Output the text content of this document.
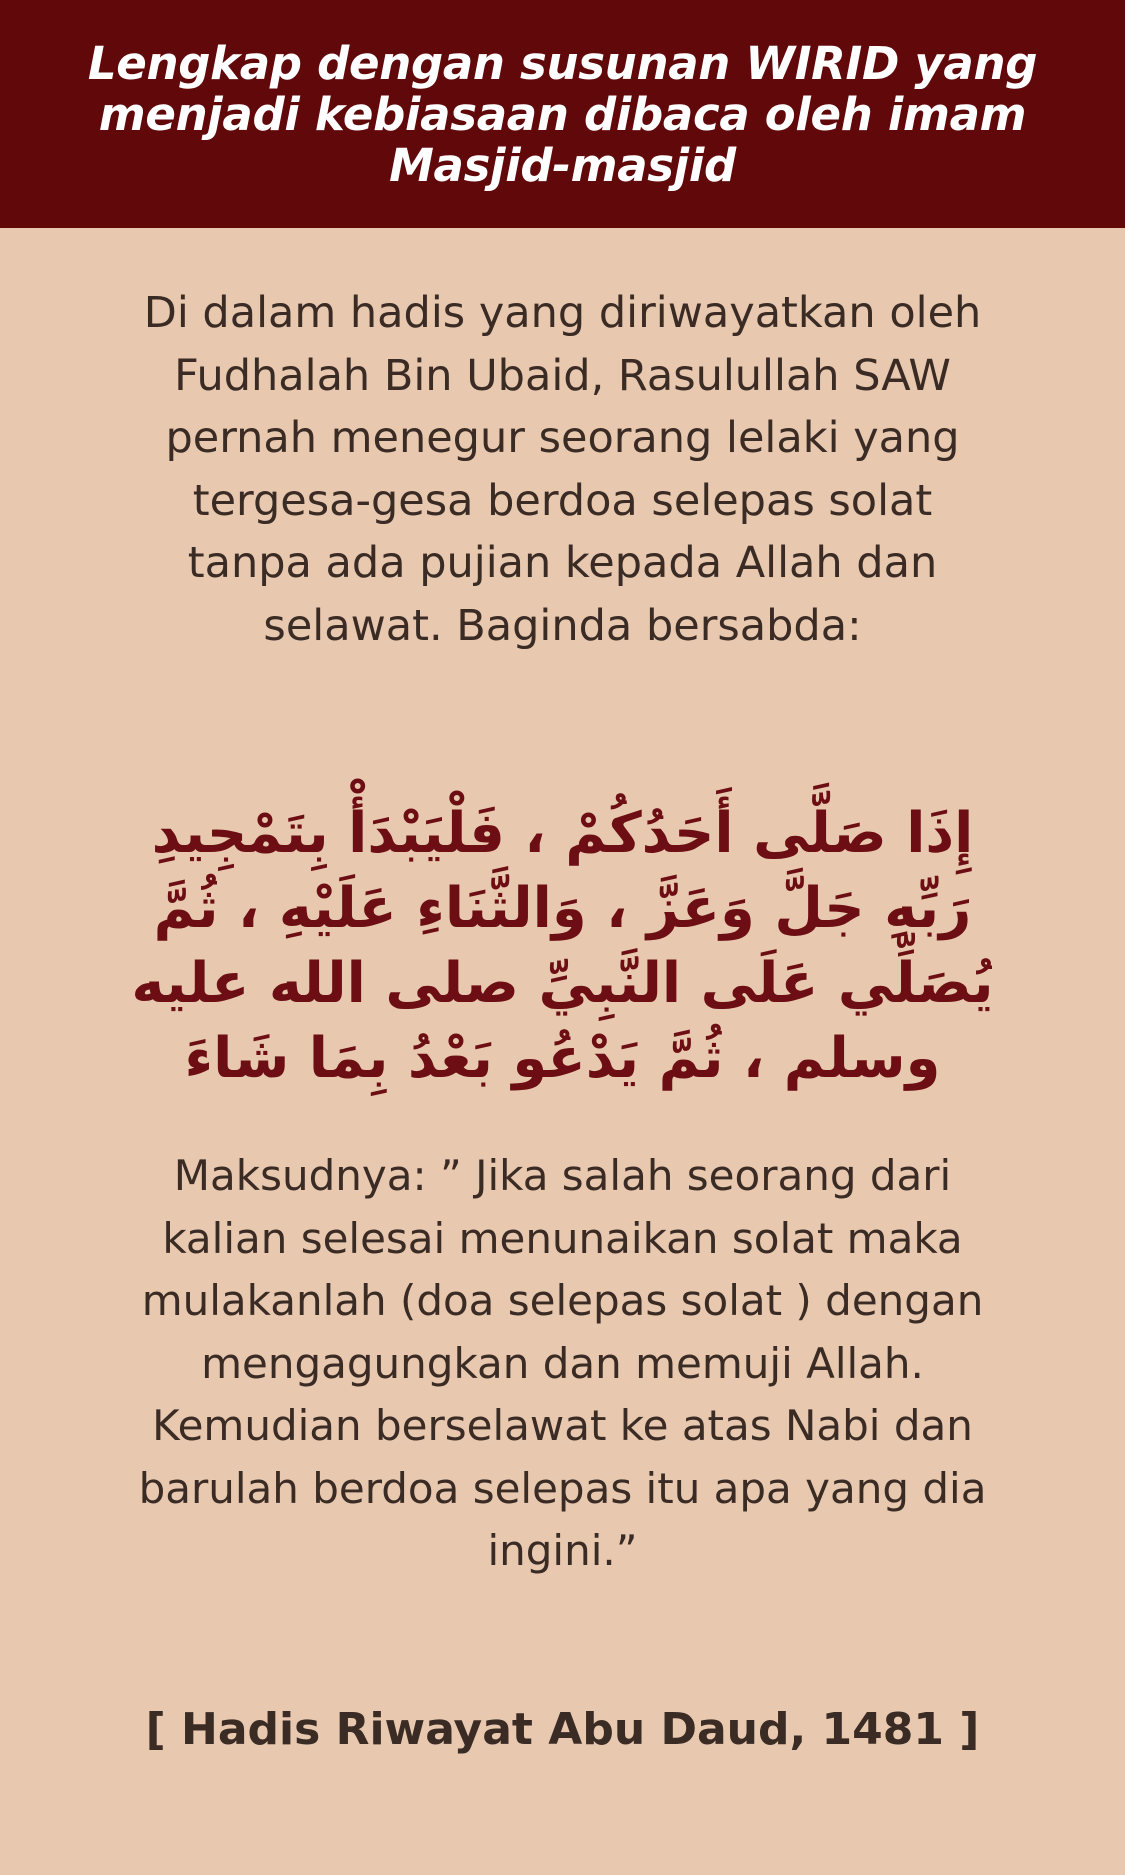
Lengkap dengan susunan WIRID yang menjadi kebiasaan dibaca oleh imam Masjid-masjid

Di dalam hadis yang diriwayatkan oleh Fudhalah Bin Ubaid, Rasulullah SAW pernah menegur seorang lelaki yang tergesa-gesa berdoa selepas solat tanpa ada pujian kepada Allah dan selawat. Baginda bersabda:

إِذَا صَلَّى أَحَدُكُمْ ، فَلْيَبْدَأْ بِتَمْجِيدِ رَبِّهِ جَلَّ وَعَزَّ ، وَالثَّنَاءِ عَلَيْهِ ، ثُمَّ يُصَلِّي عَلَى النَّبِيِّ صلى الله عليه وسلم ، ثُمَّ يَدْعُو بَعْدُ بِمَا شَاءَ

Maksudnya: ” Jika salah seorang dari kalian selesai menunaikan solat maka mulakanlah (doa selepas solat ) dengan mengagungkan dan memuji Allah. Kemudian berselawat ke atas Nabi dan barulah berdoa selepas itu apa yang dia ingini.”

[ Hadis Riwayat Abu Daud, 1481 ]
